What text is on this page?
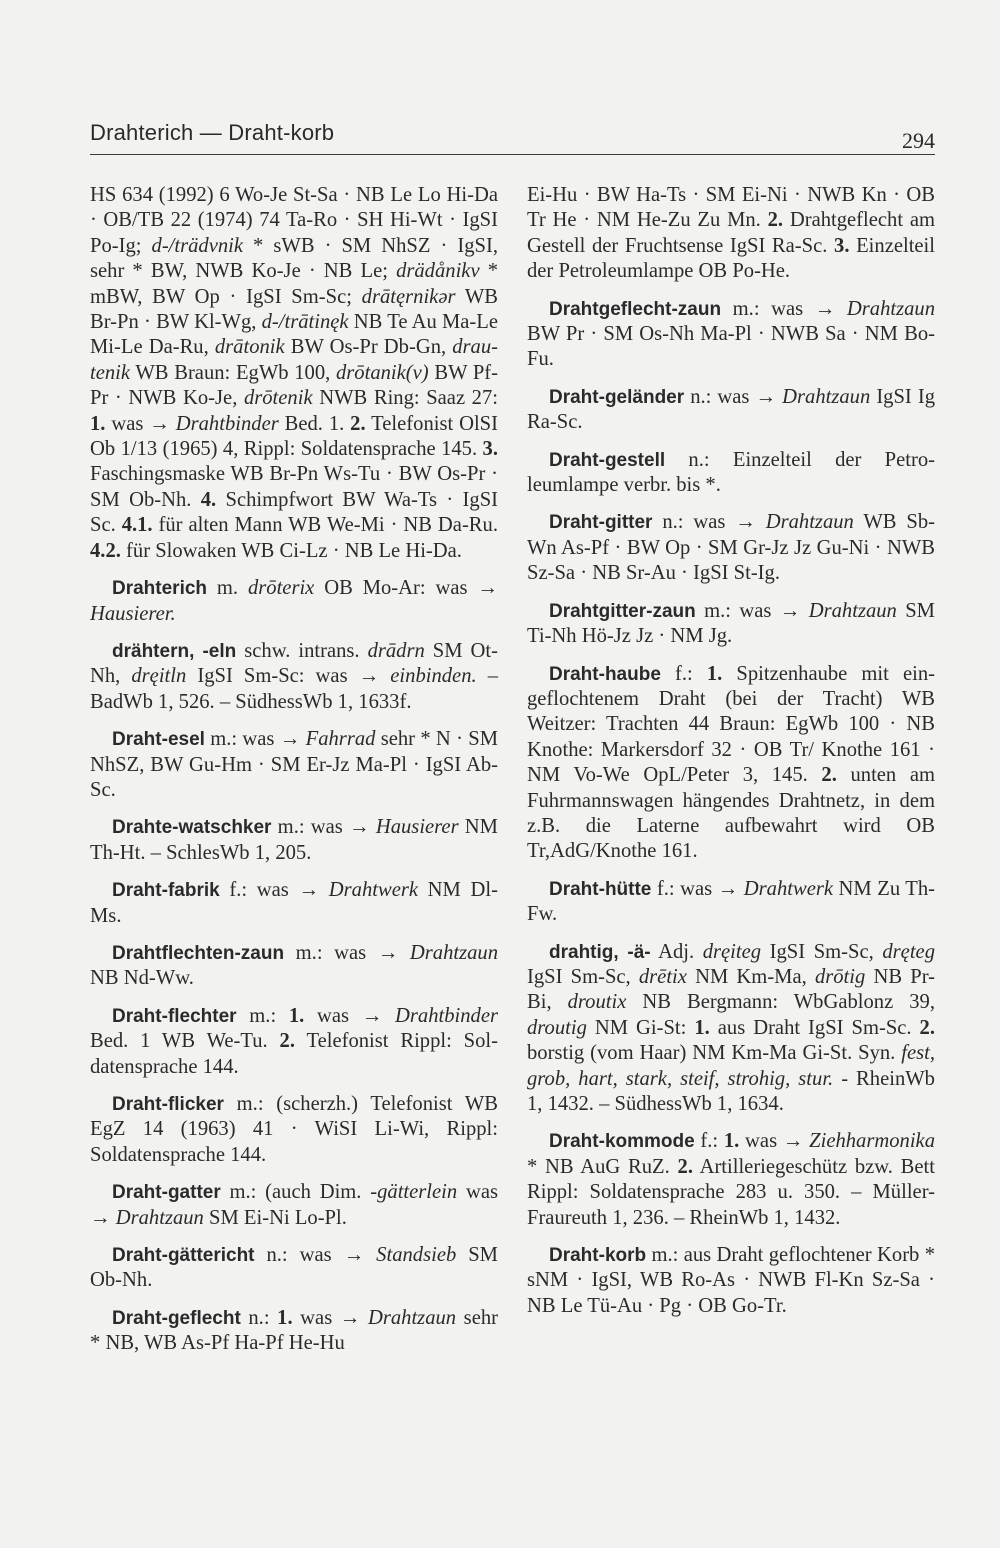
Drahterich — Draht-korb	294

HS 634 (1992) 6 Wo-Je St-Sa · NB Le Lo Hi-Da · OB/TB 22 (1974) 74 Ta-Ro · SH Hi-Wt · IgSI Po-Ig; d-/trädvnik * sWB · SM NhSZ · IgSI, sehr * BW, NWB Ko-Je · NB Le; drädånikv * mBW, BW Op · IgSI Sm-Sc; drātęrnikər WB Br-Pn · BW Kl-Wg, d-/trātinęk NB Te Au Ma-Le Mi-Le Da-Ru, drātonik BW Os-Pr Db-Gn, drautenik WB Braun: EgWb 100, drōtanik(v) BW Pf-Pr · NWB Ko-Je, drōtenik NWB Ring: Saaz 27: 1. was → Drahtbinder Bed. 1. 2. Telefonist OlSI Ob 1/13 (1965) 4, Rippl: Soldatensprache 145. 3. Faschingsmaske WB Br-Pn Ws-Tu · BW Os-Pr · SM Ob-Nh. 4. Schimpfwort BW Wa-Ts · IgSI Sc. 4.1. für alten Mann WB We-Mi · NB Da-Ru. 4.2. für Slowaken WB Ci-Lz · NB Le Hi-Da.

Drahterich m. drōterix OB Mo-Ar: was → Hausierer.

drähtern, -eln schw. intrans. drādrn SM Ot-Nh, dręitln IgSI Sm-Sc: was → einbinden. – BadWb 1, 526. – SüdhessWb 1, 1633f.

Draht-esel m.: was → Fahrrad sehr * N · SM NhSZ, BW Gu-Hm · SM Er-Jz Ma-Pl · IgSI Ab-Sc.

Drahte-watschker m.: was → Hausierer NM Th-Ht. – SchlesWb 1, 205.

Draht-fabrik f.: was → Drahtwerk NM Dl-Ms.

Drahtflechten-zaun m.: was → Drahtzaun NB Nd-Ww.

Draht-flechter m.: 1. was → Drahtbinder Bed. 1 WB We-Tu. 2. Telefonist Rippl: Soldatensprache 144.

Draht-flicker m.: (scherzh.) Telefonist WB EgZ 14 (1963) 41 · WiSI Li-Wi, Rippl: Soldatensprache 144.

Draht-gatter m.: (auch Dim. -gätterlein was → Drahtzaun SM Ei-Ni Lo-Pl.

Draht-gättericht n.: was → Standsieb SM Ob-Nh.

Draht-geflecht n.: 1. was → Drahtzaun sehr * NB, WB As-Pf Ha-Pf He-Hu

Ei-Hu · BW Ha-Ts · SM Ei-Ni · NWB Kn · OB Tr He · NM He-Zu Zu Mn. 2. Drahtgeflecht am Gestell der Fruchtsense IgSI Ra-Sc. 3. Einzelteil der Petroleumlampe OB Po-He.

Drahtgeflecht-zaun m.: was → Drahtzaun BW Pr · SM Os-Nh Ma-Pl · NWB Sa · NM Bo-Fu.

Draht-geländer n.: was → Drahtzaun IgSI Ig Ra-Sc.

Draht-gestell n.: Einzelteil der Petroleumlampe verbr. bis *.

Draht-gitter n.: was → Drahtzaun WB Sb-Wn As-Pf · BW Op · SM Gr-Jz Jz Gu-Ni · NWB Sz-Sa · NB Sr-Au · IgSI St-Ig.

Drahtgitter-zaun m.: was → Drahtzaun SM Ti-Nh Hö-Jz Jz · NM Jg.

Draht-haube f.: 1. Spitzenhaube mit eingeflochtenem Draht (bei der Tracht) WB Weitzer: Trachten 44 Braun: EgWb 100 · NB Knothe: Markersdorf 32 · OB Tr/ Knothe 161 · NM Vo-We OpL/Peter 3, 145. 2. unten am Fuhrmannswagen hängendes Drahtnetz, in dem z.B. die Laterne aufbewahrt wird OB Tr,AdG/Knothe 161.

Draht-hütte f.: was → Drahtwerk NM Zu Th-Fw.

drahtig, -ä- Adj. dręiteg IgSI Sm-Sc, dręteg IgSI Sm-Sc, drētix NM Km-Ma, drōtig NB Pr-Bi, droutix NB Bergmann: WbGablonz 39, droutig NM Gi-St: 1. aus Draht IgSI Sm-Sc. 2. borstig (vom Haar) NM Km-Ma Gi-St. Syn. fest, grob, hart, stark, steif, strohig, stur. - RheinWb 1, 1432. – SüdhessWb 1, 1634.

Draht-kommode f.: 1. was → Ziehharmonika * NB AuG RuZ. 2. Artilleriegeschütz bzw. Bett Rippl: Soldatensprache 283 u. 350. – Müller-Fraureuth 1, 236. – RheinWb 1, 1432.

Draht-korb m.: aus Draht geflochtener Korb * sNM · IgSI, WB Ro-As · NWB Fl-Kn Sz-Sa · NB Le Tü-Au · Pg · OB Go-Tr.
